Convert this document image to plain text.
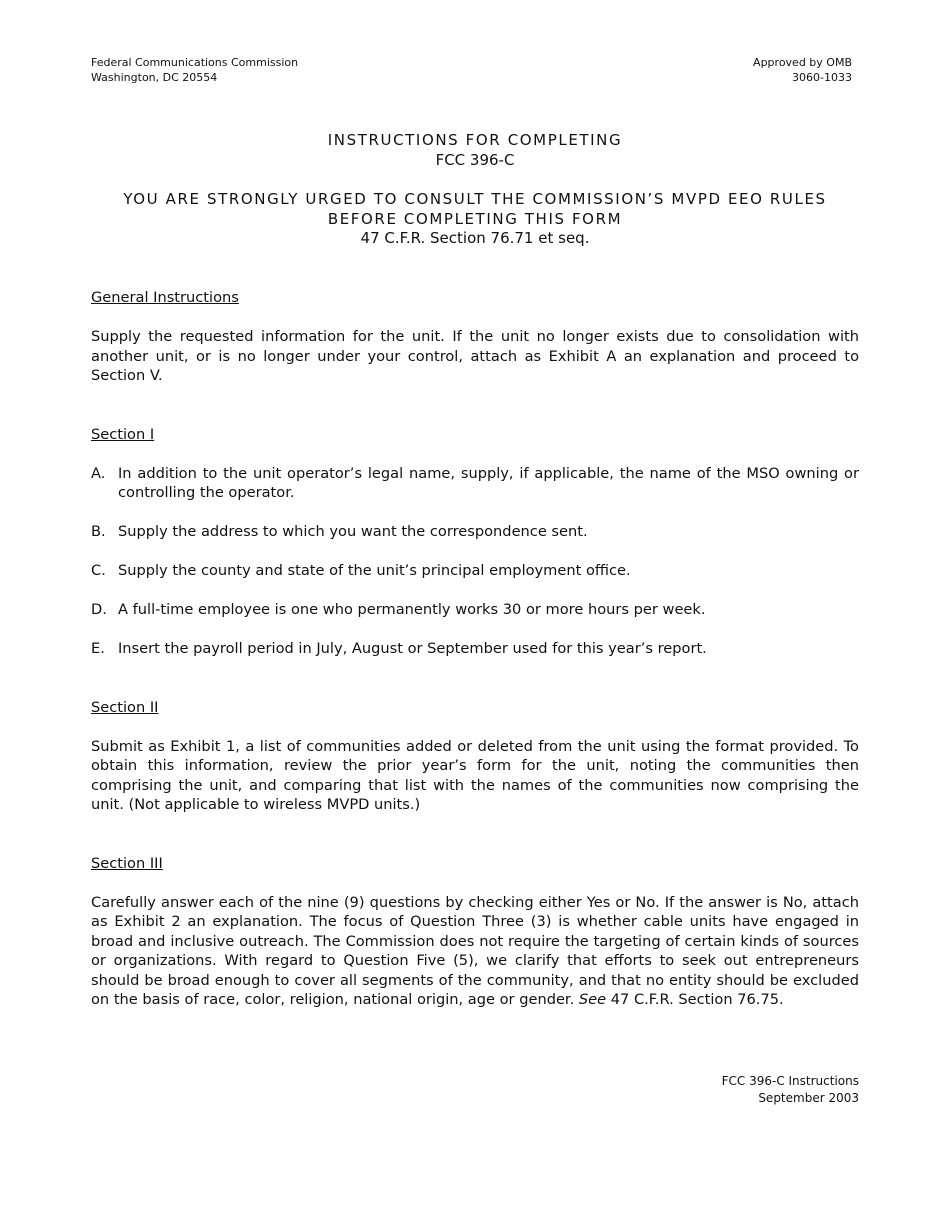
Federal Communications Commission
Washington, DC 20554
Approved by OMB
3060-1033
INSTRUCTIONS FOR COMPLETING
FCC 396-C
YOU ARE STRONGLY URGED TO CONSULT THE COMMISSION’S MVPD EEO RULES
BEFORE COMPLETING THIS FORM
47 C.F.R. Section 76.71 et seq.
General Instructions

Supply the requested information for the unit. If the unit no longer exists due to consolidation with another unit, or is no longer under your control, attach as Exhibit A an explanation and proceed to Section V.

Section I
A. In addition to the unit operator’s legal name, supply, if applicable, the name of the MSO owning or controlling the operator.
B. Supply the address to which you want the correspondence sent.
C. Supply the county and state of the unit’s principal employment office.
D. A full-time employee is one who permanently works 30 or more hours per week.
E. Insert the payroll period in July, August or September used for this year’s report.
Section II

Submit as Exhibit 1, a list of communities added or deleted from the unit using the format provided. To obtain this information, review the prior year’s form for the unit, noting the communities then comprising the unit, and comparing that list with the names of the communities now comprising the unit. (Not applicable to wireless MVPD units.)

Section III

Carefully answer each of the nine (9) questions by checking either Yes or No. If the answer is No, attach as Exhibit 2 an explanation. The focus of Question Three (3) is whether cable units have engaged in broad and inclusive outreach. The Commission does not require the targeting of certain kinds of sources or organizations. With regard to Question Five (5), we clarify that efforts to seek out entrepreneurs should be broad enough to cover all segments of the community, and that no entity should be excluded on the basis of race, color, religion, national origin, age or gender. See 47 C.F.R. Section 76.75.

FCC 396-C Instructions
September 2003
